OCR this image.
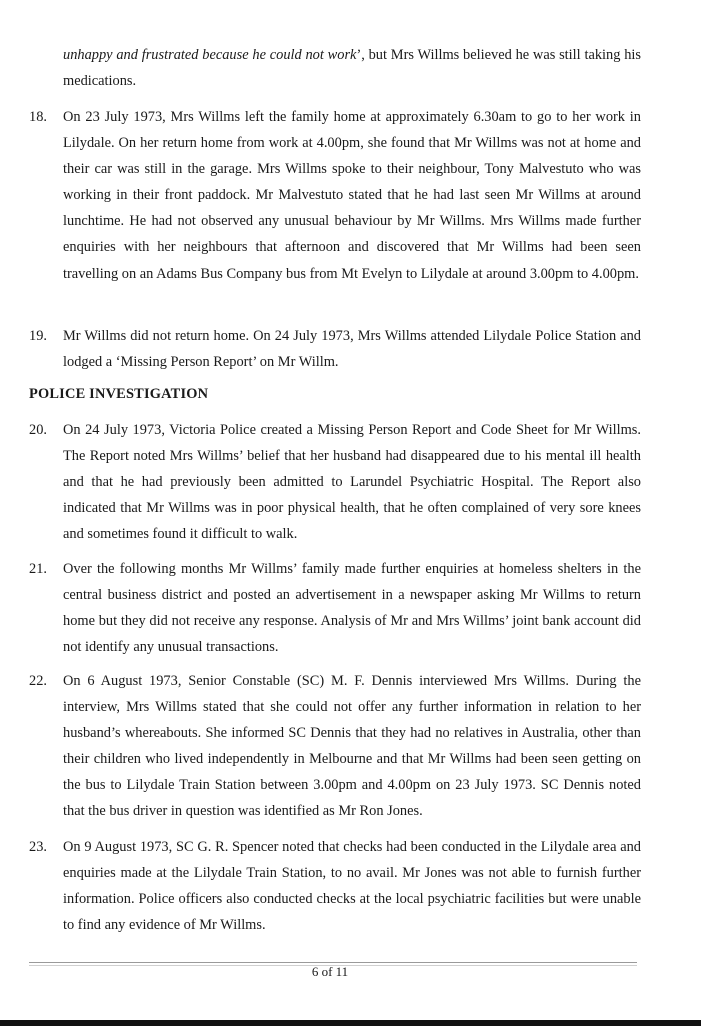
unhappy and frustrated because he could not work’, but Mrs Willms believed he was still taking his medications.
18. On 23 July 1973, Mrs Willms left the family home at approximately 6.30am to go to her work in Lilydale. On her return home from work at 4.00pm, she found that Mr Willms was not at home and their car was still in the garage. Mrs Willms spoke to their neighbour, Tony Malvestuto who was working in their front paddock. Mr Malvestuto stated that he had last seen Mr Willms at around lunchtime. He had not observed any unusual behaviour by Mr Willms. Mrs Willms made further enquiries with her neighbours that afternoon and discovered that Mr Willms had been seen travelling on an Adams Bus Company bus from Mt Evelyn to Lilydale at around 3.00pm to 4.00pm.
19. Mr Willms did not return home. On 24 July 1973, Mrs Willms attended Lilydale Police Station and lodged a ‘Missing Person Report’ on Mr Willm.
POLICE INVESTIGATION
20. On 24 July 1973, Victoria Police created a Missing Person Report and Code Sheet for Mr Willms. The Report noted Mrs Willms’ belief that her husband had disappeared due to his mental ill health and that he had previously been admitted to Larundel Psychiatric Hospital. The Report also indicated that Mr Willms was in poor physical health, that he often complained of very sore knees and sometimes found it difficult to walk.
21. Over the following months Mr Willms’ family made further enquiries at homeless shelters in the central business district and posted an advertisement in a newspaper asking Mr Willms to return home but they did not receive any response. Analysis of Mr and Mrs Willms’ joint bank account did not identify any unusual transactions.
22. On 6 August 1973, Senior Constable (SC) M. F. Dennis interviewed Mrs Willms. During the interview, Mrs Willms stated that she could not offer any further information in relation to her husband’s whereabouts. She informed SC Dennis that they had no relatives in Australia, other than their children who lived independently in Melbourne and that Mr Willms had been seen getting on the bus to Lilydale Train Station between 3.00pm and 4.00pm on 23 July 1973. SC Dennis noted that the bus driver in question was identified as Mr Ron Jones.
23. On 9 August 1973, SC G. R. Spencer noted that checks had been conducted in the Lilydale area and enquiries made at the Lilydale Train Station, to no avail. Mr Jones was not able to furnish further information. Police officers also conducted checks at the local psychiatric facilities but were unable to find any evidence of Mr Willms.
6 of 11
